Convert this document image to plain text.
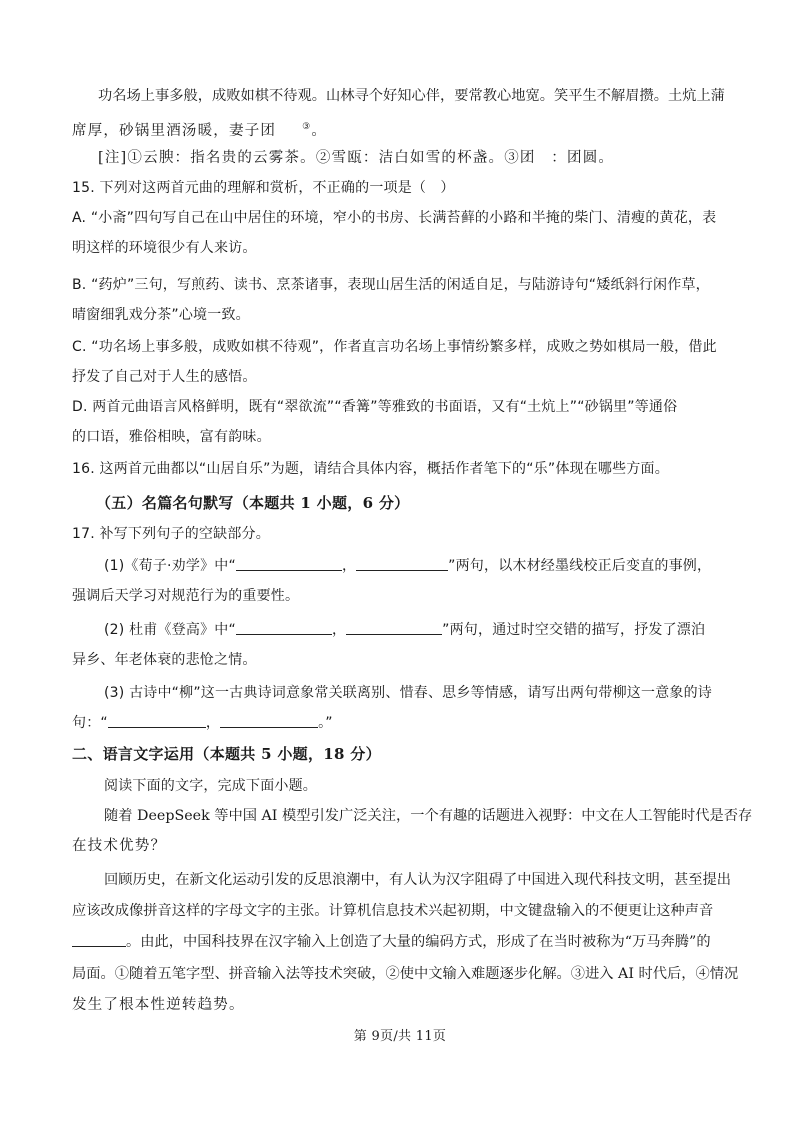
功名场上事多般，成败如棋不待观。山林寻个好知心伴，要常教心地宽。笑平生不解眉攒。土炕上蒲
席厚，砂锅里酒汤暖，妻子团	③。
[注]①云腴：指名贵的云雾茶。②雪瓯：洁白如雪的杯盏。③团　：团圆。
15. 下列对这两首元曲的理解和赏析，不正确的一项是（　）
A. “小斋”四句写自己在山中居住的环境，窄小的书房、长满苔藓的小路和半掩的柴门、清瘦的黄花，表
明这样的环境很少有人来访。
B. “药炉”三句，写煎药、读书、烹茶诸事，表现山居生活的闲适自足，与陆游诗句“矮纸斜行闲作草，
晴窗细乳戏分茶”心境一致。
C. “功名场上事多般，成败如棋不待观”，作者直言功名场上事情纷繁多样，成败之势如棋局一般，借此
抒发了自己对于人生的感悟。
D. 两首元曲语言风格鲜明，既有“翠欲流”“香篝”等雅致的书面语，又有“土炕上”“砂锅里”等通俗
的口语，雅俗相映，富有韵味。
16. 这两首元曲都以“山居自乐”为题，请结合具体内容，概括作者笔下的“乐”体现在哪些方面。
（五）名篇名句默写（本题共 1 小题，6 分）
17. 补写下列句子的空缺部分。
(1)《荀子·劝学》中“	，	”两句，以木材经墨线校正后变直的事例，
强调后天学习对规范行为的重要性。
(2) 杜甫《登高》中“	，	”两句，通过时空交错的描写，抒发了漂泊
异乡、年老体衰的悲怆之情。
(3) 古诗中“柳”这一古典诗词意象常关联离别、惜春、思乡等情感，请写出两句带柳这一意象的诗
句：“	，	。”
二、语言文字运用（本题共 5 小题，18 分）
阅读下面的文字，完成下面小题。
随着 DeepSeek 等中国 AI 模型引发广泛关注，一个有趣的话题进入视野：中文在人工智能时代是否存
在技术优势？
回顾历史，在新文化运动引发的反思浪潮中，有人认为汉字阻碍了中国进入现代科技文明，甚至提出
应该改成像拼音这样的字母文字的主张。计算机信息技术兴起初期，中文键盘输入的不便更让这种声音
。由此，中国科技界在汉字输入上创造了大量的编码方式，形成了在当时被称为“万马奔腾”的
局面。①随着五笔字型、拼音输入法等技术突破，②使中文输入难题逐步化解。③进入 AI 时代后，④情况
发生了根本性逆转趋势。
第 9页/共 11页
